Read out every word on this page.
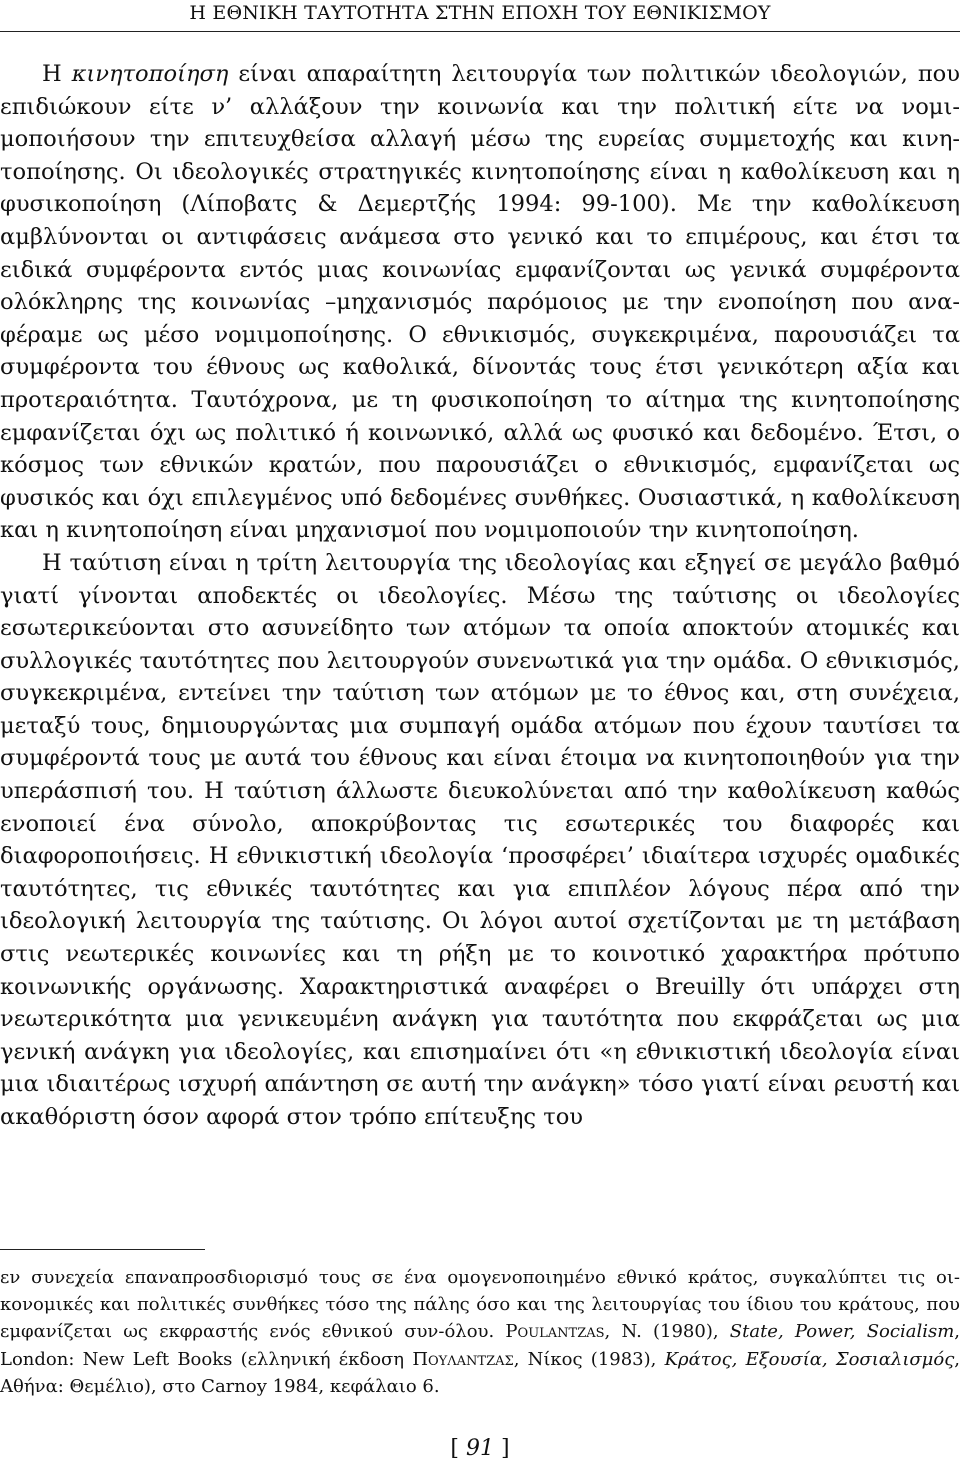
Η ΕΘΝΙΚΗ ΤΑΥΤΟΤΗΤΑ ΣΤΗΝ ΕΠΟΧΗ ΤΟΥ ΕΘΝΙΚΙΣΜΟΥ

Η κινητοποίηση είναι απαραίτητη λειτουργία των πολιτικών ιδεολογιών, που επιδιώκουν είτε ν’ αλλάξουν την κοινωνία και την πολιτική είτε να νομιμοποιήσουν την επιτευχθείσα αλλαγή μέσω της ευρείας συμμετοχής και κινητοποίησης. Οι ιδεολογικές στρατηγικές κινητοποίησης είναι η καθολίκευση και η φυσικοποίηση (Λίποβατς & Δεμερτζής 1994: 99-100). Με την καθολίκευση αμβλύνονται οι αντιφάσεις ανάμεσα στο γενικό και το επιμέρους, και έτσι τα ειδικά συμφέροντα εντός μιας κοινωνίας εμφανίζονται ως γενικά συμφέροντα ολόκληρης της κοινωνίας –μηχανισμός παρόμοιος με την ενοποίηση που αναφέραμε ως μέσο νομιμοποίησης. Ο εθνικισμός, συγκεκριμένα, παρουσιάζει τα συμφέροντα του έθνους ως καθολικά, δίνοντάς τους έτσι γενικότερη αξία και προτεραιότητα. Ταυτόχρονα, με τη φυσικοποίηση το αίτημα της κινητοποίησης εμφανίζεται όχι ως πολιτικό ή κοινωνικό, αλλά ως φυσικό και δεδομένο. Έτσι, ο κόσμος των εθνικών κρατών, που παρουσιάζει ο εθνικισμός, εμφανίζεται ως φυσικός και όχι επιλεγμένος υπό δεδομένες συνθήκες. Ουσιαστικά, η καθολίκευση και η κινητοποίηση είναι μηχανισμοί που νομιμοποιούν την κινητοποίηση.

Η ταύτιση είναι η τρίτη λειτουργία της ιδεολογίας και εξηγεί σε μεγάλο βαθμό γιατί γίνονται αποδεκτές οι ιδεολογίες. Μέσω της ταύτισης οι ιδεολογίες εσωτερικεύονται στο ασυνείδητο των ατόμων τα οποία αποκτούν ατομικές και συλλογικές ταυτότητες που λειτουργούν συνενωτικά για την ομάδα. Ο εθνικισμός, συγκεκριμένα, εντείνει την ταύτιση των ατόμων με το έθνος και, στη συνέχεια, μεταξύ τους, δημιουργώντας μια συμπαγή ομάδα ατόμων που έχουν ταυτίσει τα συμφέροντά τους με αυτά του έθνους και είναι έτοιμα να κινητοποιηθούν για την υπεράσπισή του. Η ταύτιση άλλωστε διευκολύνεται από την καθολίκευση καθώς ενοποιεί ένα σύνολο, αποκρύβοντας τις εσωτερικές του διαφορές και διαφοροποιήσεις. Η εθνικιστική ιδεολογία ‘προσφέρει’ ιδιαίτερα ισχυρές ομαδικές ταυτότητες, τις εθνικές ταυτότητες και για επιπλέον λόγους πέρα από την ιδεολογική λειτουργία της ταύτισης. Οι λόγοι αυτοί σχετίζονται με τη μετάβαση στις νεωτερικές κοινωνίες και τη ρήξη με το κοινοτικό χαρακτήρα πρότυπο κοινωνικής οργάνωσης. Χαρακτηριστικά αναφέρει ο Breuilly ότι υπάρχει στη νεωτερικότητα μια γενικευμένη ανάγκη για ταυτότητα που εκφράζεται ως μια γενική ανάγκη για ιδεολογίες, και επισημαίνει ότι «η εθνικιστική ιδεολογία είναι μια ιδιαιτέρως ισχυρή απάντηση σε αυτή την ανάγκη» τόσο γιατί είναι ρευστή και ακαθόριστη όσον αφορά στον τρόπο επίτευξης του

εν συνεχεία επαναπροσδιορισμό τους σε ένα ομογενοποιημένο εθνικό κράτος, συγκαλύπτει τις οικονομικές και πολιτικές συνθήκες τόσο της πάλης όσο και της λειτουργίας του ίδιου του κράτους, που εμφανίζεται ως εκφραστής ενός εθνικού συν-όλου. Poulantzas, N. (1980), State, Power, Socialism, London: New Left Books (ελληνική έκδοση Πουλαντζας, Νίκος (1983), Κράτος, Εξουσία, Σοσιαλισμός, Αθήνα: Θεμέλιο), στο Carnoy 1984, κεφάλαιο 6.

[ 91 ]
